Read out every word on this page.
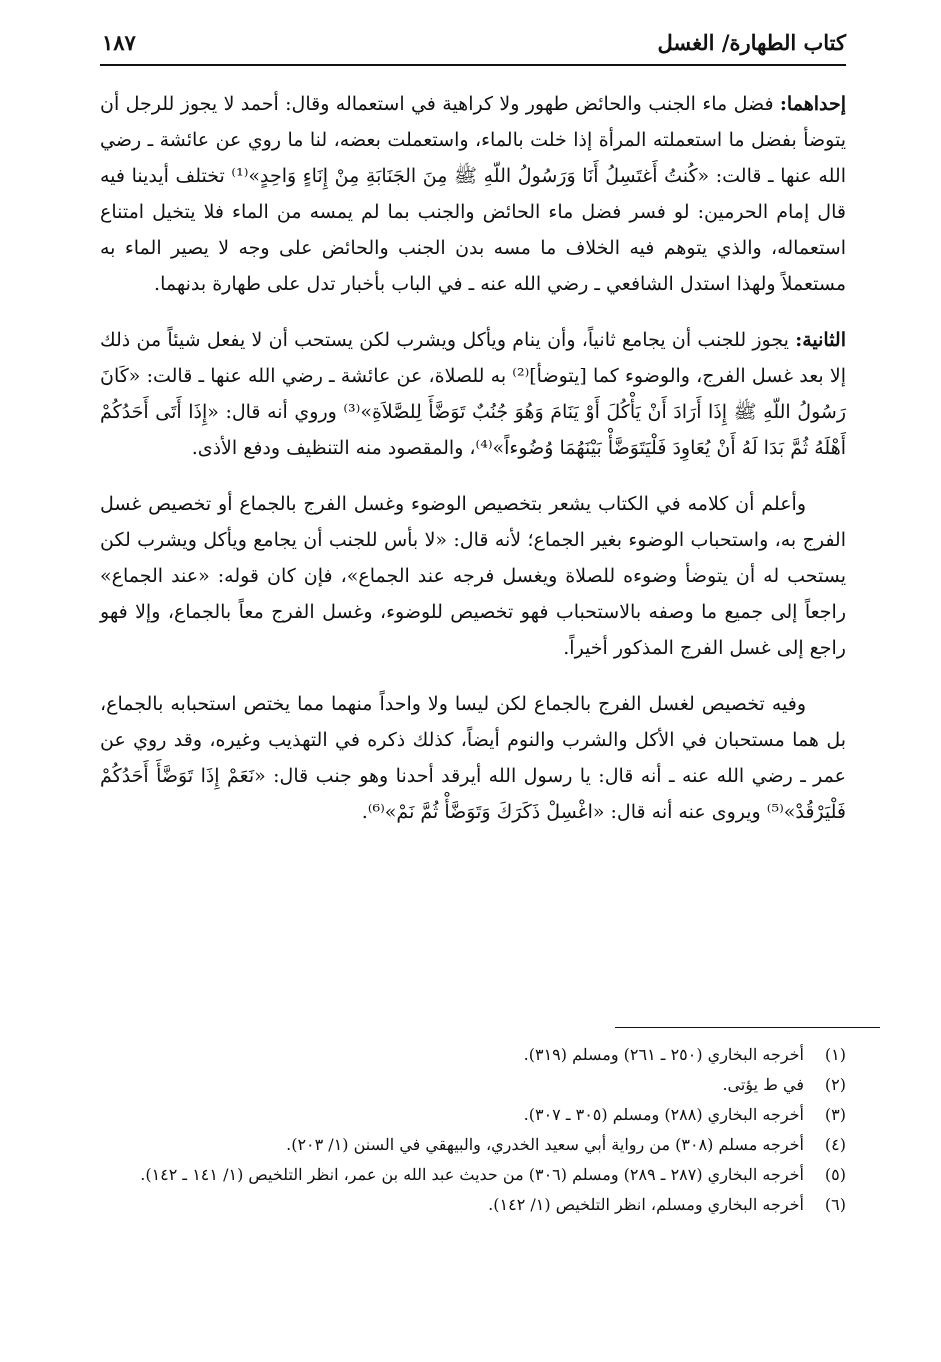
كتاب الطهارة/ الغسل
١٨٧

إحداهما: فضل ماء الجنب والحائض طهور ولا كراهية في استعماله وقال: أحمد لا يجوز للرجل أن يتوضأ بفضل ما استعملته المرأة إذا خلت بالماء، واستعملت بعضه، لنا ما روي عن عائشة ـ رضي الله عنها ـ قالت: «كُنتُ أَغتَسِلُ أَنَا وَرَسُولُ اللّهِ ﷺ مِنَ الجَنَابَةِ مِنْ إِنَاءٍ وَاحِدٍ»⁽¹⁾ تختلف أيدينا فيه قال إمام الحرمين: لو فسر فضل ماء الحائض والجنب بما لم يمسه من الماء فلا يتخيل امتناع استعماله، والذي يتوهم فيه الخلاف ما مسه بدن الجنب والحائض على وجه لا يصير الماء به مستعملاً ولهذا استدل الشافعي ـ رضي الله عنه ـ في الباب بأخبار تدل على طهارة بدنهما.

الثانية: يجوز للجنب أن يجامع ثانياً، وأن ينام ويأكل ويشرب لكن يستحب أن لا يفعل شيئاً من ذلك إلا بعد غسل الفرج، والوضوء كما [يتوضأ]⁽²⁾ به للصلاة، عن عائشة ـ رضي الله عنها ـ قالت: «كَانَ رَسُولُ اللّهِ ﷺ إِذَا أَرَادَ أَنْ يَأْكُلَ أَوْ يَنَامَ وَهُوَ جُنُبٌ تَوَضَّأَ لِلصَّلاَةِ»⁽³⁾ وروي أنه قال: «إِذَا أَتَى أَحَدُكُمْ أَهْلَهُ ثُمَّ بَدَا لَهُ أَنْ يُعَاوِدَ فَلْيَتَوَضَّأْ بَيْنَهُمَا وُضُوءاً»⁽⁴⁾، والمقصود منه التنظيف ودفع الأذى.

وأعلم أن كلامه في الكتاب يشعر بتخصيص الوضوء وغسل الفرج بالجماع أو تخصيص غسل الفرج به، واستحباب الوضوء بغير الجماع؛ لأنه قال: «لا بأس للجنب أن يجامع ويأكل ويشرب لكن يستحب له أن يتوضأ وضوءه للصلاة ويغسل فرجه عند الجماع»، فإن كان قوله: «عند الجماع» راجعاً إلى جميع ما وصفه بالاستحباب فهو تخصيص للوضوء، وغسل الفرج معاً بالجماع، وإلا فهو راجع إلى غسل الفرج المذكور أخيراً.

وفيه تخصيص لغسل الفرج بالجماع لكن ليسا ولا واحداً منهما مما يختص استحبابه بالجماع، بل هما مستحبان في الأكل والشرب والنوم أيضاً، كذلك ذكره في التهذيب وغيره، وقد روي عن عمر ـ رضي الله عنه ـ أنه قال: يا رسول الله أيرقد أحدنا وهو جنب قال: «نَعَمْ إِذَا تَوَضَّأَ أَحَدُكُمْ فَلْيَرْقُدْ»⁽⁵⁾ ويروى عنه أنه قال: «اغْسِلْ ذَكَرَكَ وَتَوَضَّأْ ثُمَّ نَمْ»⁽⁶⁾.

(١)
أخرجه البخاري (٢٥٠ ـ ٢٦١) ومسلم (٣١٩).
(٢)
في ط يؤتى.
(٣)
أخرجه البخاري (٢٨٨) ومسلم (٣٠٥ ـ ٣٠٧).
(٤)
أخرجه مسلم (٣٠٨) من رواية أبي سعيد الخدري، والبيهقي في السنن (١/ ٢٠٣).
(٥)
أخرجه البخاري (٢٨٧ ـ ٢٨٩) ومسلم (٣٠٦) من حديث عبد الله بن عمر، انظر التلخيص (١/ ١٤١ ـ ١٤٢).
(٦)
أخرجه البخاري ومسلم، انظر التلخيص (١/ ١٤٢).
